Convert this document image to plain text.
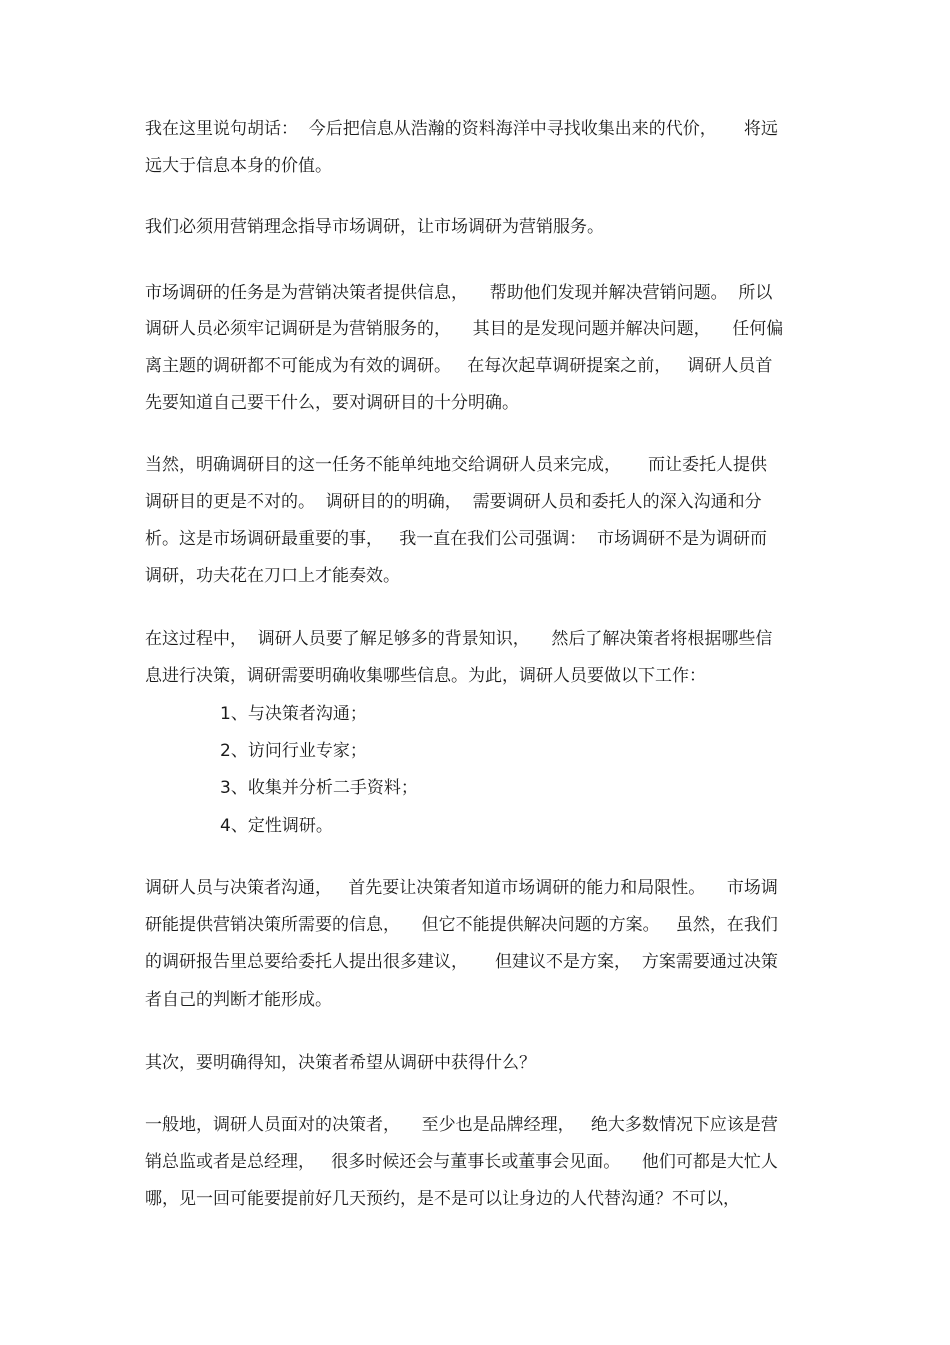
我在这里说句胡话：  今后把信息从浩瀚的资料海洋中寻找收集出来的代价，     将远

远大于信息本身的价值。

我们必须用营销理念指导市场调研，让市场调研为营销服务。

市场调研的任务是为营销决策者提供信息，    帮助他们发现并解决营销问题。  所以

调研人员必须牢记调研是为营销服务的，    其目的是发现问题并解决问题，    任何偏

离主题的调研都不可能成为有效的调研。   在每次起草调研提案之前，   调研人员首

先要知道自己要干什么，要对调研目的十分明确。

当然，明确调研目的这一任务不能单纯地交给调研人员来完成，     而让委托人提供

调研目的更是不对的。  调研目的的明确，  需要调研人员和委托人的深入沟通和分

析。这是市场调研最重要的事，   我一直在我们公司强调：  市场调研不是为调研而

调研，功夫花在刀口上才能奏效。

在这过程中，  调研人员要了解足够多的背景知识，    然后了解决策者将根据哪些信

息进行决策，调研需要明确收集哪些信息。为此，调研人员要做以下工作：

1、与决策者沟通；

2、访问行业专家；

3、收集并分析二手资料；

4、定性调研。

调研人员与决策者沟通，   首先要让决策者知道市场调研的能力和局限性。    市场调

研能提供营销决策所需要的信息，    但它不能提供解决问题的方案。   虽然，在我们

的调研报告里总要给委托人提出很多建议，     但建议不是方案，  方案需要通过决策

者自己的判断才能形成。

其次，要明确得知，决策者希望从调研中获得什么？

一般地，调研人员面对的决策者，    至少也是品牌经理，   绝大多数情况下应该是营

销总监或者是总经理，   很多时候还会与董事长或董事会见面。    他们可都是大忙人

哪，见一回可能要提前好几天预约，是不是可以让身边的人代替沟通？不可以，
